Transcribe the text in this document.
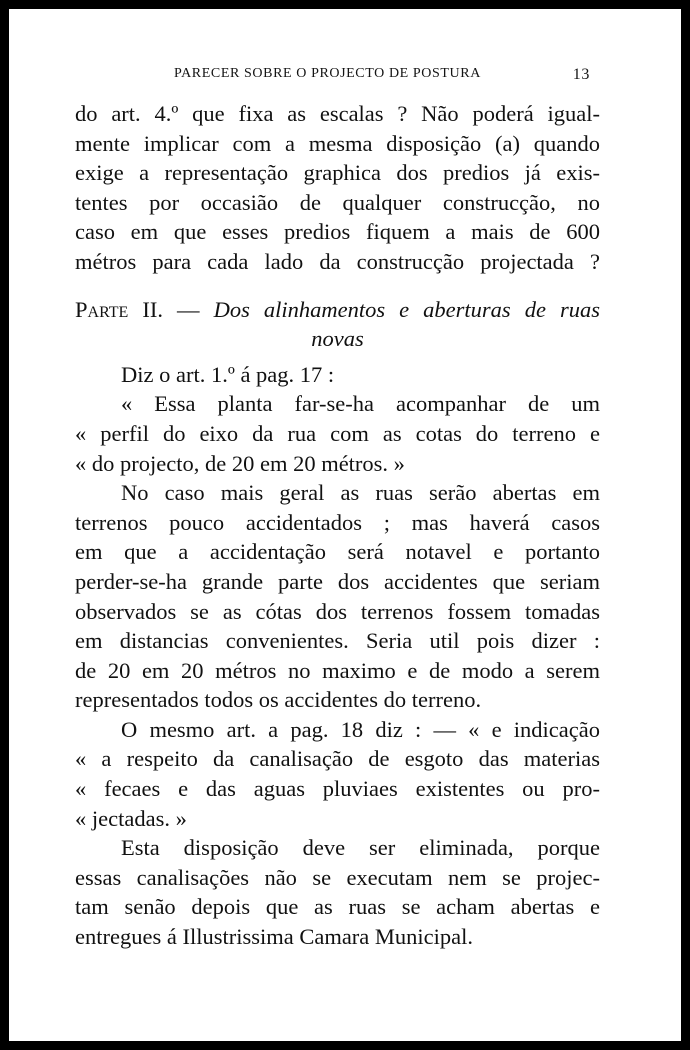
PARECER SOBRE O PROJECTO DE POSTURA	13
do art. 4.º que fixa as escalas ? Não poderá igual-
mente implicar com a mesma disposição (a) quando
exige a representação graphica dos predios já exis-
tentes por occasião de qualquer construcção, no
caso em que esses predios fiquem a mais de 600
métros para cada lado da construcção projectada ?
Parte II. — Dos alinhamentos e aberturas de ruas
novas
Diz o art. 1.º á pag. 17 :
« Essa planta far-se-ha acompanhar de um
« perfil do eixo da rua com as cotas do terreno e
« do projecto, de 20 em 20 métros. »
No caso mais geral as ruas serão abertas em
terrenos pouco accidentados ; mas haverá casos
em que a accidentação será notavel e portanto
perder-se-ha grande parte dos accidentes que seriam
observados se as cótas dos terrenos fossem tomadas
em distancias convenientes. Seria util pois dizer :
de 20 em 20 métros no maximo e de modo a serem
representados todos os accidentes do terreno.
O mesmo art. a pag. 18 diz : — « e indicação
« a respeito da canalisação de esgoto das materias
« fecaes e das aguas pluviaes existentes ou pro-
« jectadas. »
Esta disposição deve ser eliminada, porque
essas canalisações não se executam nem se projec-
tam senão depois que as ruas se acham abertas e
entregues á Illustrissima Camara Municipal.
